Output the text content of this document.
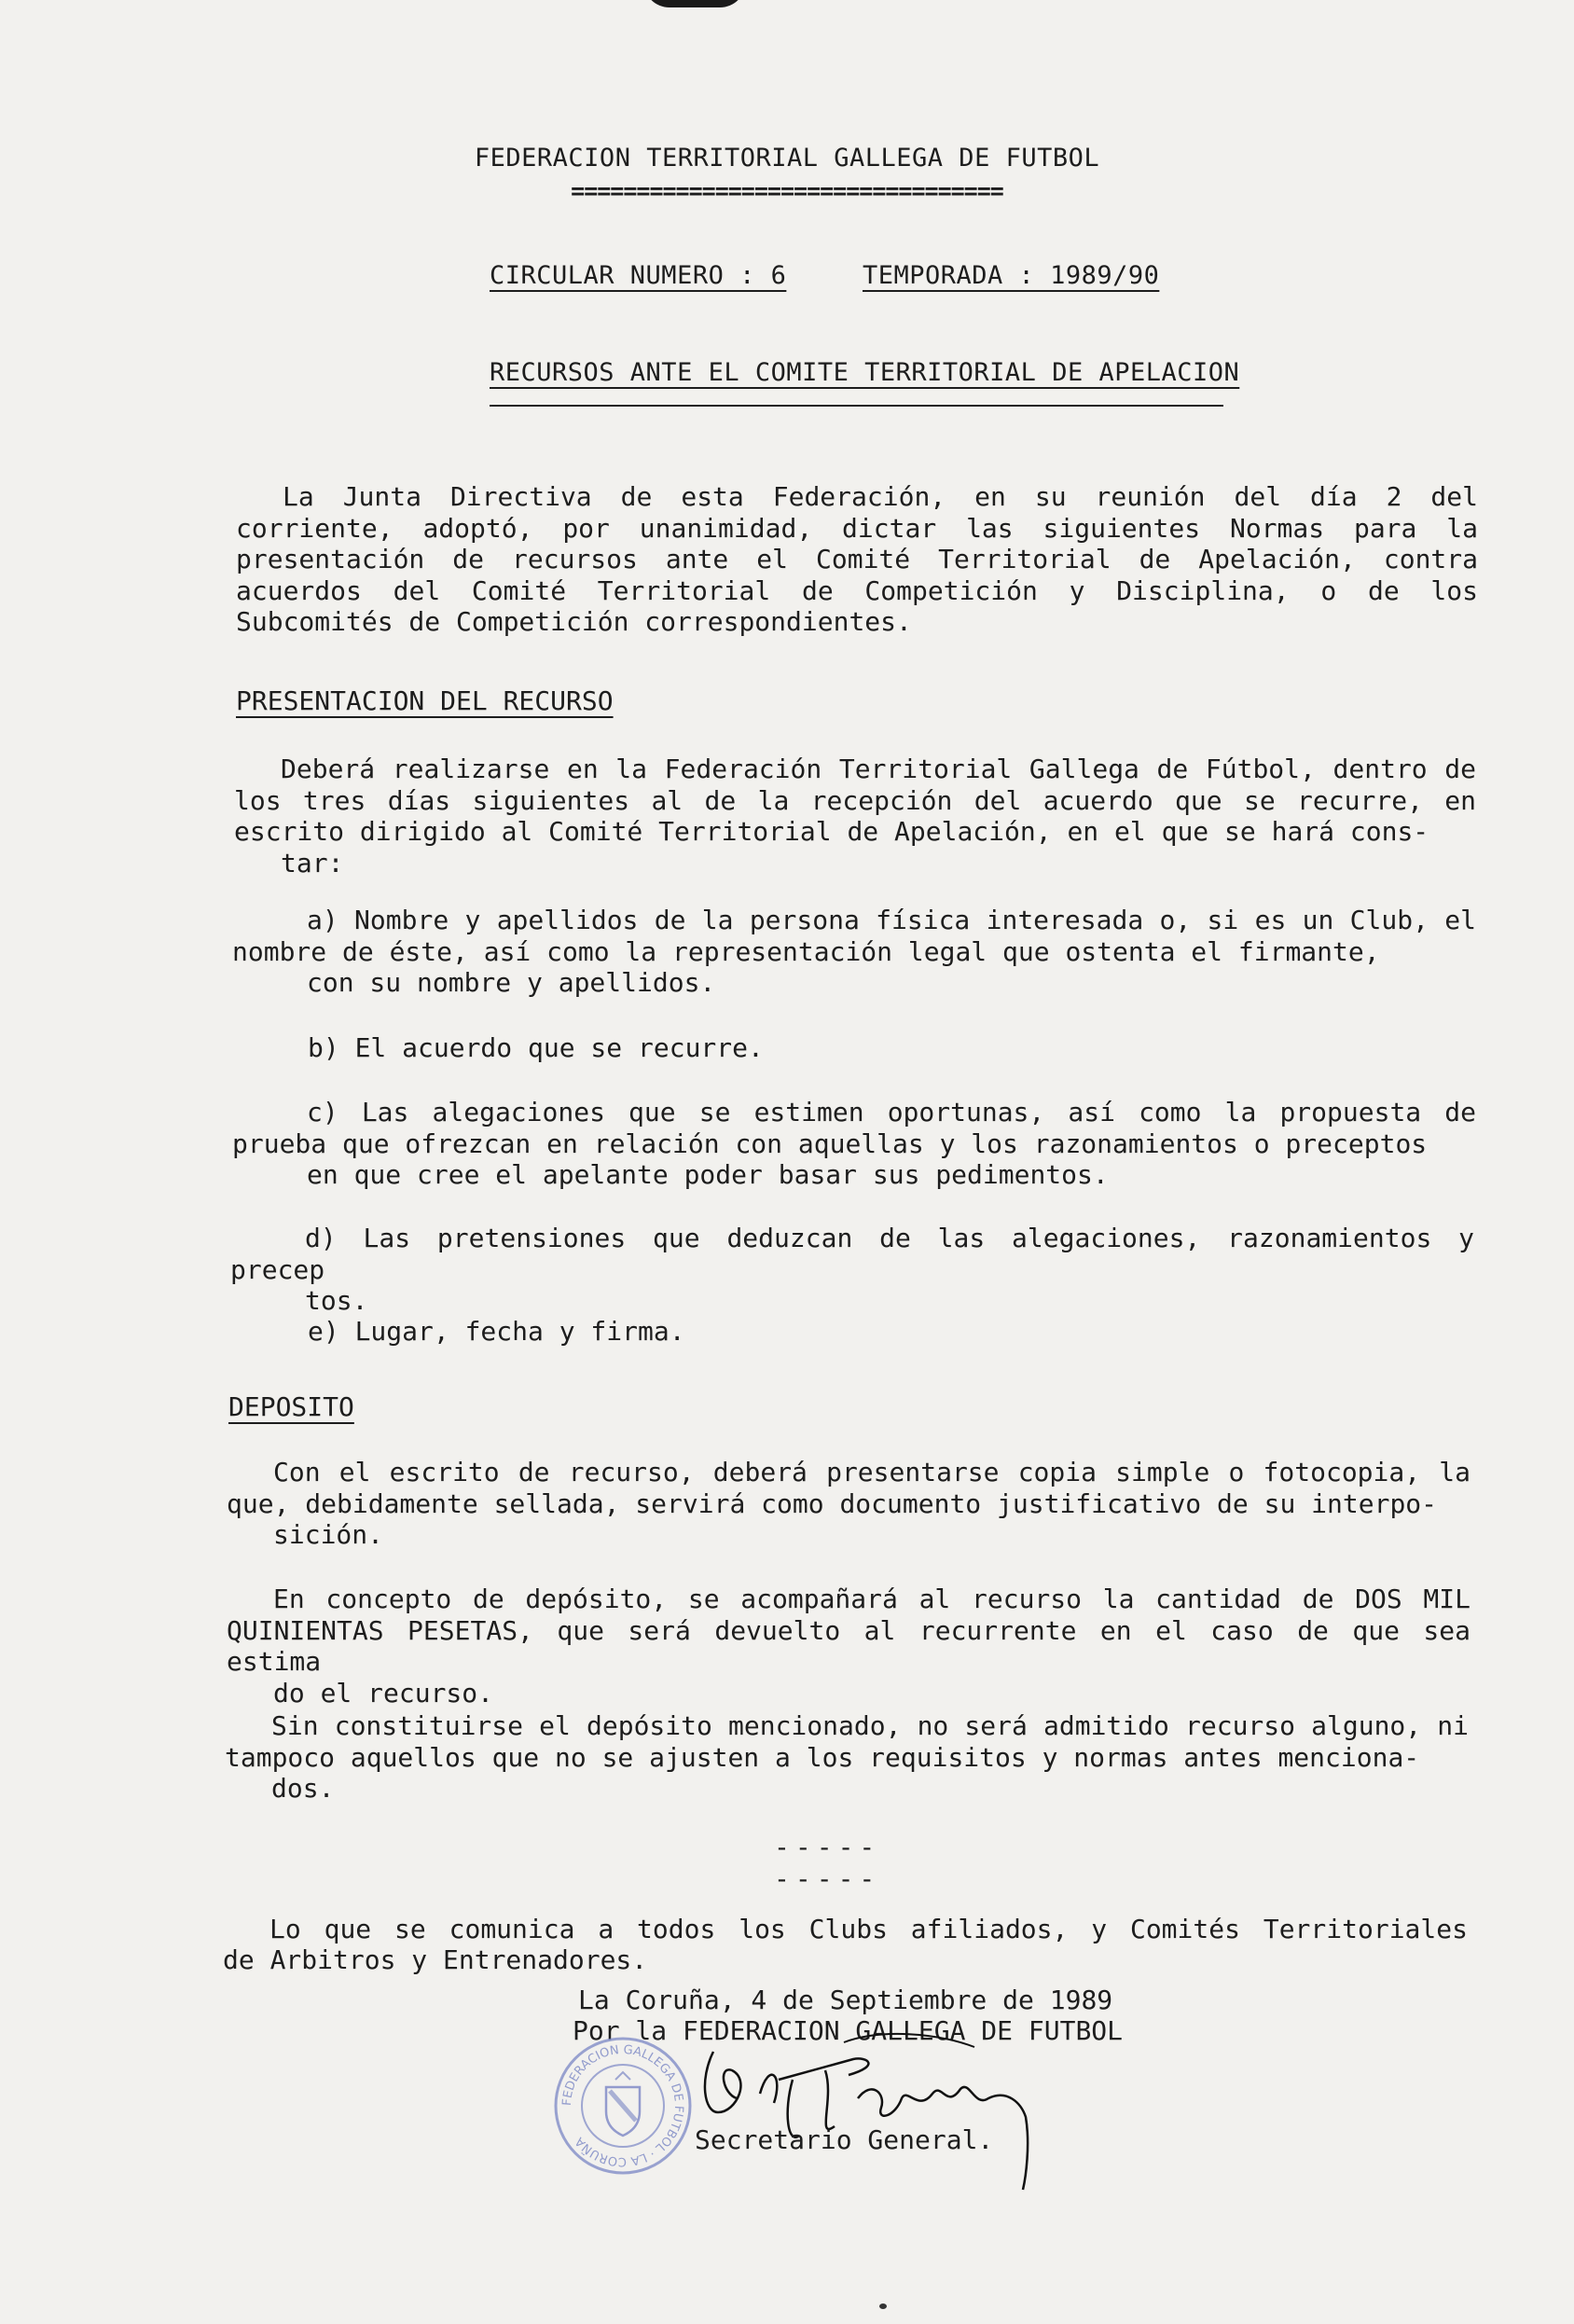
FEDERACION TERRITORIAL GALLEGA DE FUTBOL
=================================
CIRCULAR NUMERO : 6	TEMPORADA : 1989/90
RECURSOS ANTE EL COMITE TERRITORIAL DE APELACION
La Junta Directiva de esta Federación, en su reunión del día 2 del corriente, adoptó, por unanimidad, dictar las siguientes Normas para la presentación de recursos ante el Comité Territorial de Apelación, contra acuerdos del Comité Territorial de Competición y Disciplina, o de los Subcomités de Competición correspondientes.
PRESENTACION DEL RECURSO
Deberá realizarse en la Federación Territorial Gallega de Fútbol, dentro de los tres días siguientes al de la recepción del acuerdo que se recurre, en escrito dirigido al Comité Territorial de Apelación, en el que se hará cons-
tar:
a) Nombre y apellidos de la persona física interesada o, si es un Club, el nombre de éste, así como la representación legal que ostenta el firmante,
con su nombre y apellidos.
b) El acuerdo que se recurre.
c) Las alegaciones que se estimen oportunas, así como la propuesta de prueba que ofrezcan en relación con aquellas y los razonamientos o preceptos
en que cree el apelante poder basar sus pedimentos.
d) Las pretensiones que deduzcan de las alegaciones, razonamientos y precep
tos.
e) Lugar, fecha y firma.
DEPOSITO
Con el escrito de recurso, deberá presentarse copia simple o fotocopia, la que, debidamente sellada, servirá como documento justificativo de su interpo-
sición.
En concepto de depósito, se acompañará al recurso la cantidad de DOS MIL QUINIENTAS PESETAS, que será devuelto al recurrente en el caso de que sea estima
do el recurso.
Sin constituirse el depósito mencionado, no será admitido recurso alguno, ni tampoco aquellos que no se ajusten a los requisitos y normas antes menciona-
dos.
-----
-----
Lo que se comunica a todos los Clubs afiliados, y Comités Territoriales
de Arbitros y Entrenadores.
La Coruña, 4 de Septiembre de 1989
Por la FEDERACION GALLEGA DE FUTBOL
FEDERACION GALLEGA DE FUTBOL · LA CORUÑA	Secretario General.
